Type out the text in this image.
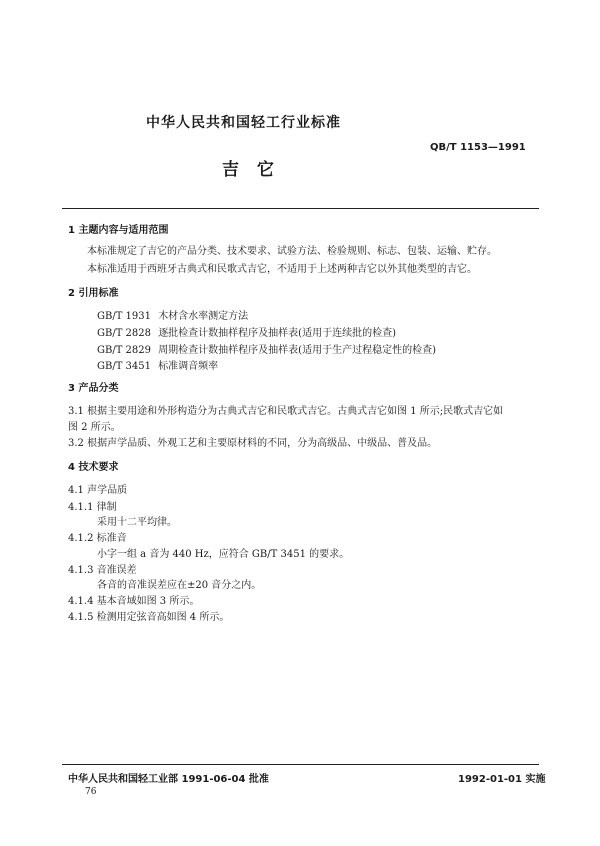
中华人民共和国轻工行业标准
QB/T 1153—1991
吉 它
1 主题内容与适用范围
本标准规定了吉它的产品分类、技术要求、试验方法、检验规则、标志、包装、运输、贮存。
本标准适用于西班牙古典式和民歌式吉它，不适用于上述两种吉它以外其他类型的吉它。
2 引用标准
GB/T 1931 木材含水率测定方法
GB/T 2828 逐批检查计数抽样程序及抽样表(适用于连续批的检查)
GB/T 2829 周期检查计数抽样程序及抽样表(适用于生产过程稳定性的检查)
GB/T 3451 标准调音频率
3 产品分类
3.1 根据主要用途和外形构造分为古典式吉它和民歌式吉它。古典式吉它如图 1 所示;民歌式吉它如
图 2 所示。
3.2 根据声学品质、外观工艺和主要原材料的不同，分为高级品、中级品、普及品。
4 技术要求
4.1 声学品质
4.1.1 律制
采用十二平均律。
4.1.2 标准音
小字一组 a 音为 440 Hz，应符合 GB/T 3451 的要求。
4.1.3 音准误差
各音的音准误差应在±20 音分之内。
4.1.4 基本音域如图 3 所示。
4.1.5 检测用定弦音高如图 4 所示。
中华人民共和国轻工业部 1991-06-04 批准	1992-01-01 实施
76
